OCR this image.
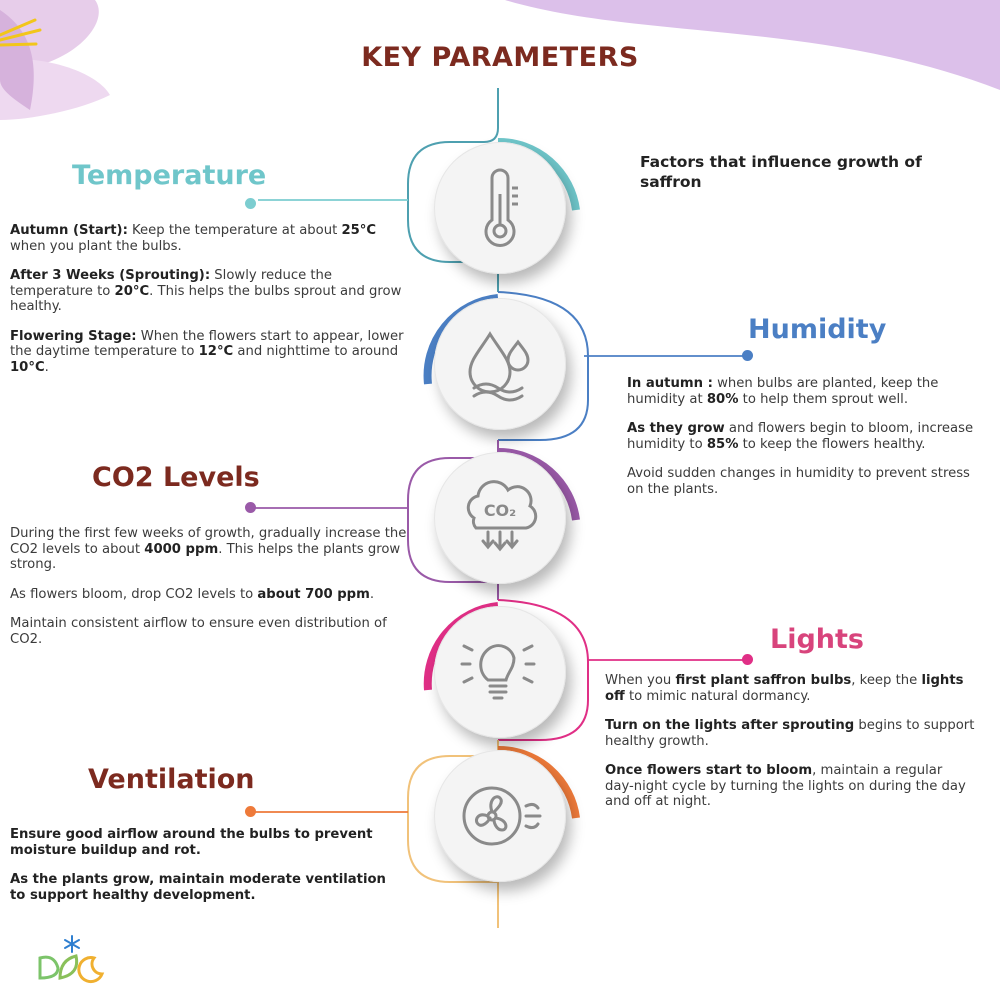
KEY PARAMETERS
CO₂
Factors that influence growth of saffron
Temperature

Autumn (Start): Keep the temperature at about 25°C when you plant the bulbs.

After 3 Weeks (Sprouting): Slowly reduce the temperature to 20°C. This helps the bulbs sprout and grow healthy.

Flowering Stage: When the flowers start to appear, lower the daytime temperature to 12°C and nighttime to around 10°C.

Humidity

In autumn : when bulbs are planted, keep the humidity at 80% to help them sprout well.

As they grow and flowers begin to bloom, increase humidity to 85% to keep the flowers healthy.

Avoid sudden changes in humidity to prevent stress on the plants.

CO2 Levels

During the first few weeks of growth, gradually increase the CO2 levels to about 4000 ppm. This helps the plants grow strong.

As flowers bloom, drop CO2 levels to about 700 ppm.

Maintain consistent airflow to ensure even distribution of CO2.	Lights

When you first plant saffron bulbs, keep the lights off to mimic natural dormancy.

Turn on the lights after sprouting begins to support healthy growth.

Once flowers start to bloom, maintain a regular day-night cycle by turning the lights on during the day and off at night.

Ventilation

Ensure good airflow around the bulbs to prevent moisture buildup and rot.

As the plants grow, maintain moderate ventilation to support healthy development.
